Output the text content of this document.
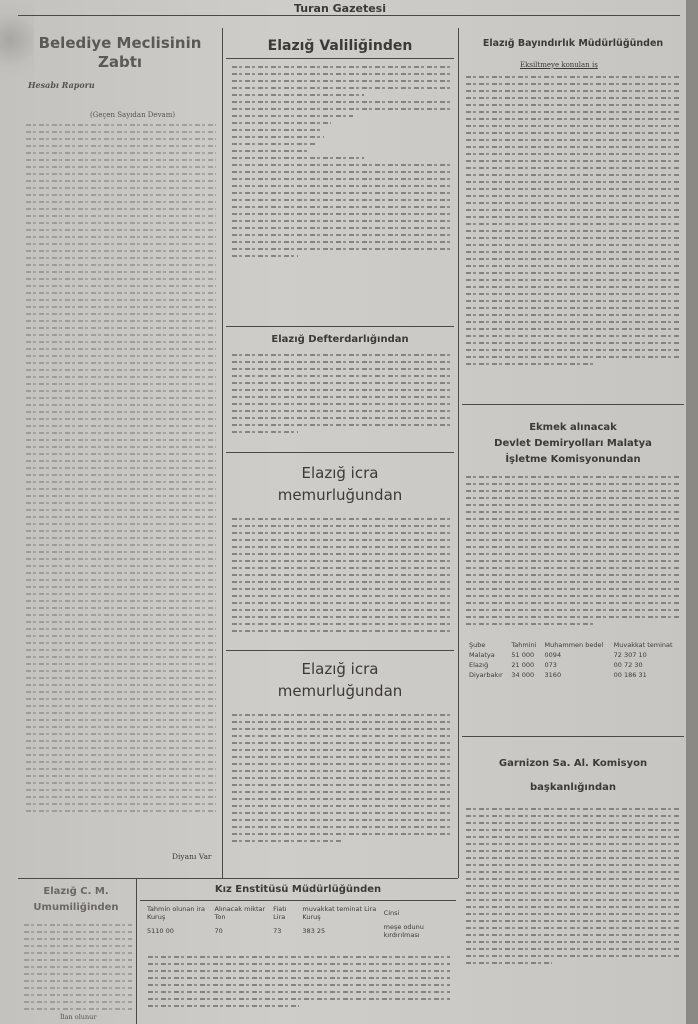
Turan Gazetesi
Belediye Meclisinin
Zabtı
Hesabı Raporu
(Geçen Sayıdan Devam)
Diyanı Var
Elazığ Valiliğinden
Elazığ Defterdarlığından
Elazığ icra
memurluğundan
Elazığ icra
memurluğundan
Elazığ Bayındırlık Müdürlüğünden
Eksiltmeye konulan iş
Ekmek alınacak
Devlet Demiryolları Malatya
İşletme Komisyonundan
Şube	Tahmini	Muhammen bedel	Muvakkat teminat
Malatya	51 000	0094	72 307 10
Elazığ	21 000	073	00 72 30
Diyarbakır	34 000	3160	00 186 31
Garnizon Sa. Al. Komisyon
başkanlığından
Elazığ C. M.
Umumiliğinden
İlan olunur
Kız Enstitüsü Müdürlüğünden
Tahmin olunan ira Kuruş	Alınacak miktar Ton	Fiatı Lira	muvakkat teminat Lira Kuruş	Cinsi
5110 00	70	73	383 25	meşe odunu kırdırılması
